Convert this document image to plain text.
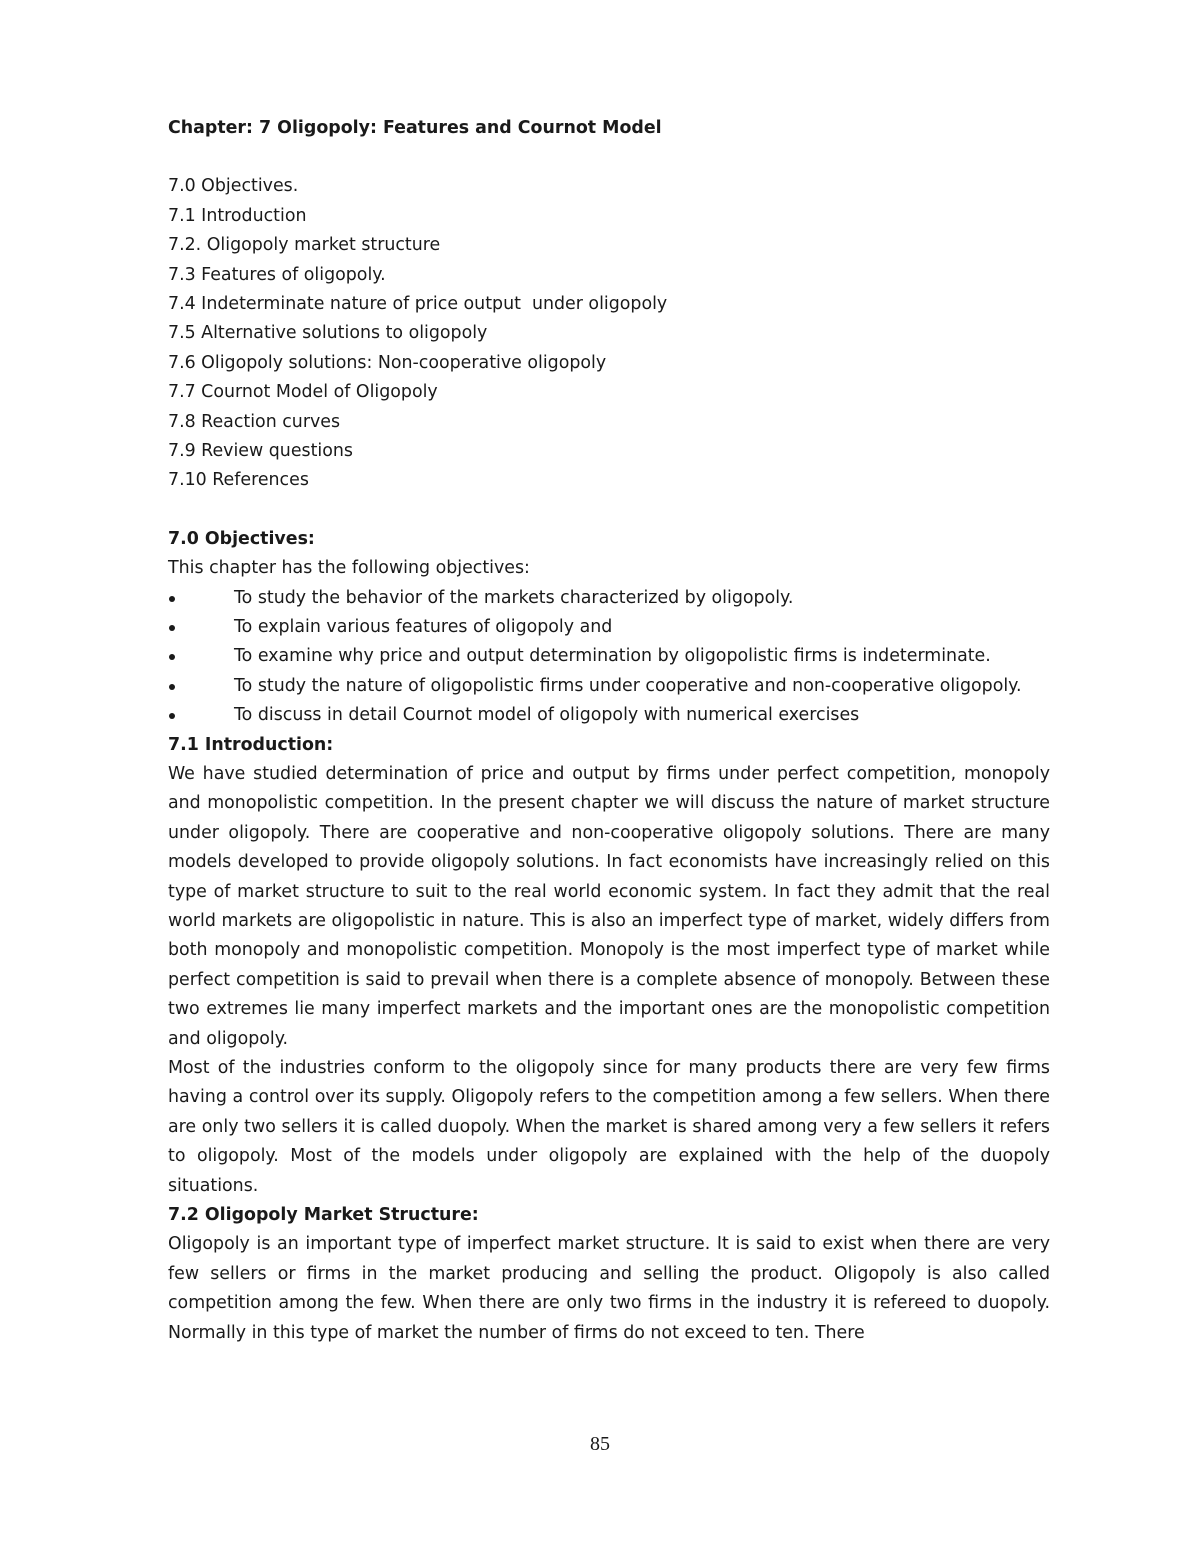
Chapter: 7 Oligopoly: Features and Cournot Model
7.0 Objectives.
7.1 Introduction
7.2. Oligopoly market structure
7.3 Features of oligopoly.
7.4 Indeterminate nature of price output  under oligopoly
7.5 Alternative solutions to oligopoly
7.6 Oligopoly solutions: Non-cooperative oligopoly
7.7 Cournot Model of Oligopoly
7.8 Reaction curves
7.9 Review questions
7.10 References
7.0 Objectives:

This chapter has the following objectives:

To study the behavior of the markets characterized by oligopoly.
To explain various features of oligopoly and
To examine why price and output determination by oligopolistic firms is indeterminate.
To study the nature of oligopolistic firms under cooperative and non-cooperative oligopoly.
To discuss in detail Cournot model of oligopoly with numerical exercises
7.1 Introduction:

We have studied determination of price and output by firms under perfect competition, monopoly and monopolistic competition. In the present chapter we will discuss the nature of market structure under oligopoly. There are cooperative and non-cooperative oligopoly solutions. There are many models developed to provide oligopoly solutions. In fact economists have increasingly relied on this type of market structure to suit to the real world economic system. In fact they admit that the real world markets are oligopolistic in nature. This is also an imperfect type of market, widely differs from both monopoly and monopolistic competition. Monopoly is the most imperfect type of market while perfect competition is said to prevail when there is a complete absence of monopoly. Between these two extremes lie many imperfect markets and the important ones are the monopolistic competition and oligopoly.

Most of the industries conform to the oligopoly since for many products there are very few firms having a control over its supply. Oligopoly refers to the competition among a few sellers. When there are only two sellers it is called duopoly. When the market is shared among very a few sellers it refers to oligopoly. Most of the models under oligopoly are explained with the help of the duopoly situations.

7.2 Oligopoly Market Structure:

Oligopoly is an important type of imperfect market structure. It is said to exist when there are very few sellers or firms in the market producing and selling the product. Oligopoly is also called competition among the few. When there are only two firms in the industry it is refereed to duopoly. Normally in this type of market the number of firms do not exceed to ten. There

85
